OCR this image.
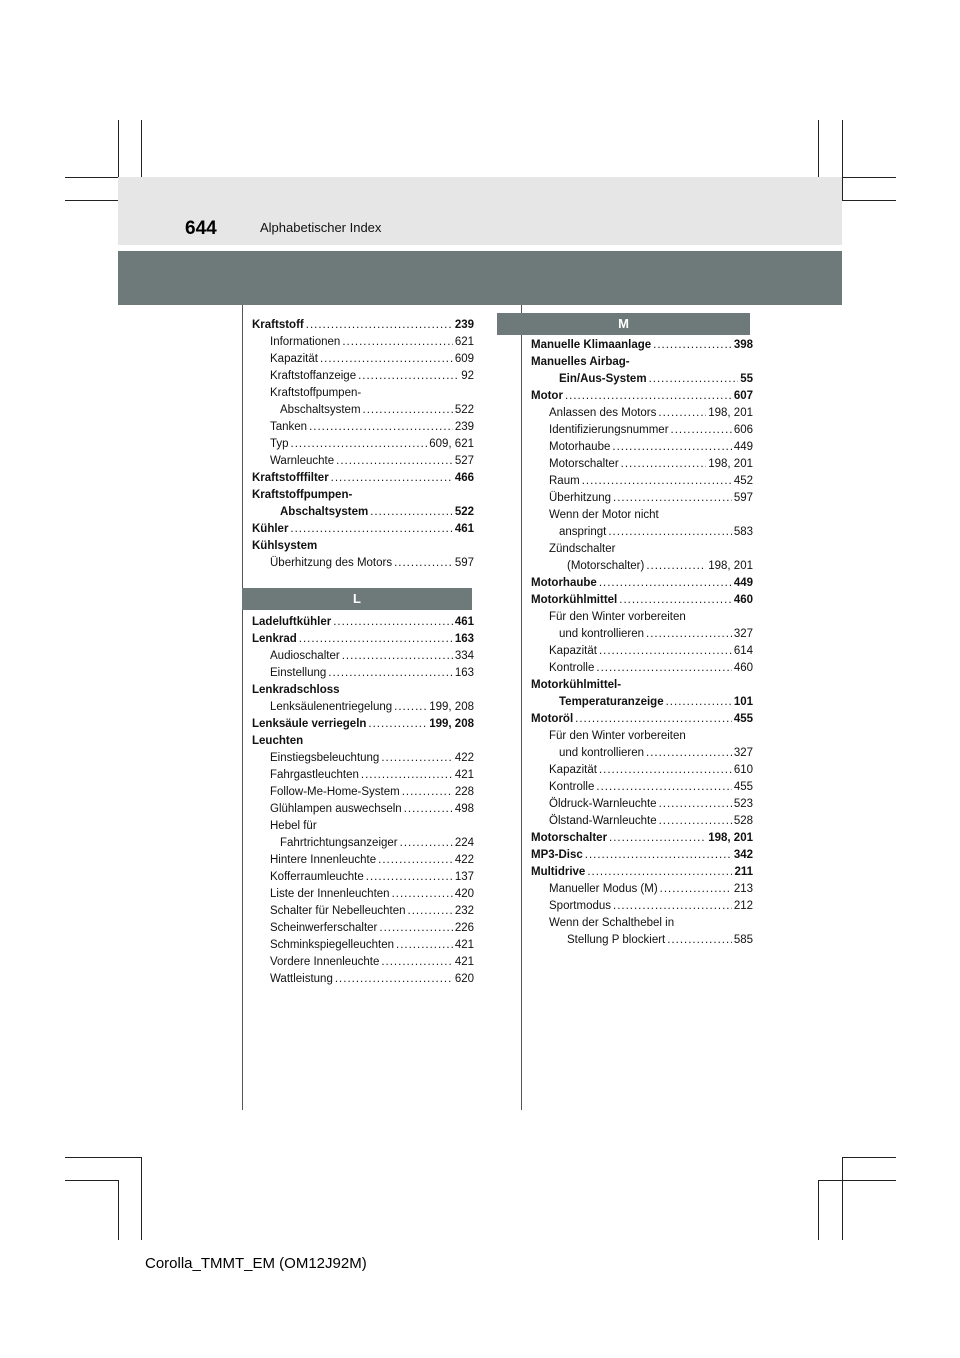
644	Alphabetischer Index
L
M
Kraftstoff .....	239
Informationen .....	621
Kapazität .....	609
Kraftstoffanzeige .....	92
Kraftstoffpumpen-
Abschaltsystem .....	522
Tanken .....	239
Typ .....	609, 621
Warnleuchte .....	527
Kraftstofffilter .....	466
Kraftstoffpumpen-
Abschaltsystem .....	522
Kühler .....	461
Kühlsystem
Überhitzung des Motors .....	597
Ladeluftkühler .....	461
Lenkrad .....	163
Audioschalter .....	334
Einstellung .....	163
Lenkradschloss
Lenksäulenentriegelung .....	199, 208
Lenksäule verriegeln .....	199, 208
Leuchten
Einstiegsbeleuchtung .....	422
Fahrgastleuchten .....	421
Follow-Me-Home-System .....	228
Glühlampen auswechseln .....	498
Hebel für
Fahrtrichtungsanzeiger .....	224
Hintere Innenleuchte .....	422
Kofferraumleuchte .....	137
Liste der Innenleuchten .....	420
Schalter für Nebelleuchten .....	232
Scheinwerferschalter .....	226
Schminkspiegelleuchten .....	421
Vordere Innenleuchte .....	421
Wattleistung .....	620
Manuelle Klimaanlage .....	398
Manuelles Airbag-
Ein/Aus-System .....	55
Motor .....	607
Anlassen des Motors .....	198, 201
Identifizierungsnummer .....	606
Motorhaube .....	449
Motorschalter .....	198, 201
Raum .....	452
Überhitzung .....	597
Wenn der Motor nicht
anspringt .....	583
Zündschalter
(Motorschalter) .....	198, 201
Motorhaube .....	449
Motorkühlmittel .....	460
Für den Winter vorbereiten
und kontrollieren .....	327
Kapazität .....	614
Kontrolle .....	460
Motorkühlmittel-
Temperaturanzeige .....	101
Motoröl .....	455
Für den Winter vorbereiten
und kontrollieren .....	327
Kapazität .....	610
Kontrolle .....	455
Öldruck-Warnleuchte .....	523
Ölstand-Warnleuchte .....	528
Motorschalter .....	198, 201
MP3-Disc .....	342
Multidrive .....	211
Manueller Modus (M) .....	213
Sportmodus .....	212
Wenn der Schalthebel in
Stellung P blockiert .....	585
Corolla_TMMT_EM (OM12J92M)
